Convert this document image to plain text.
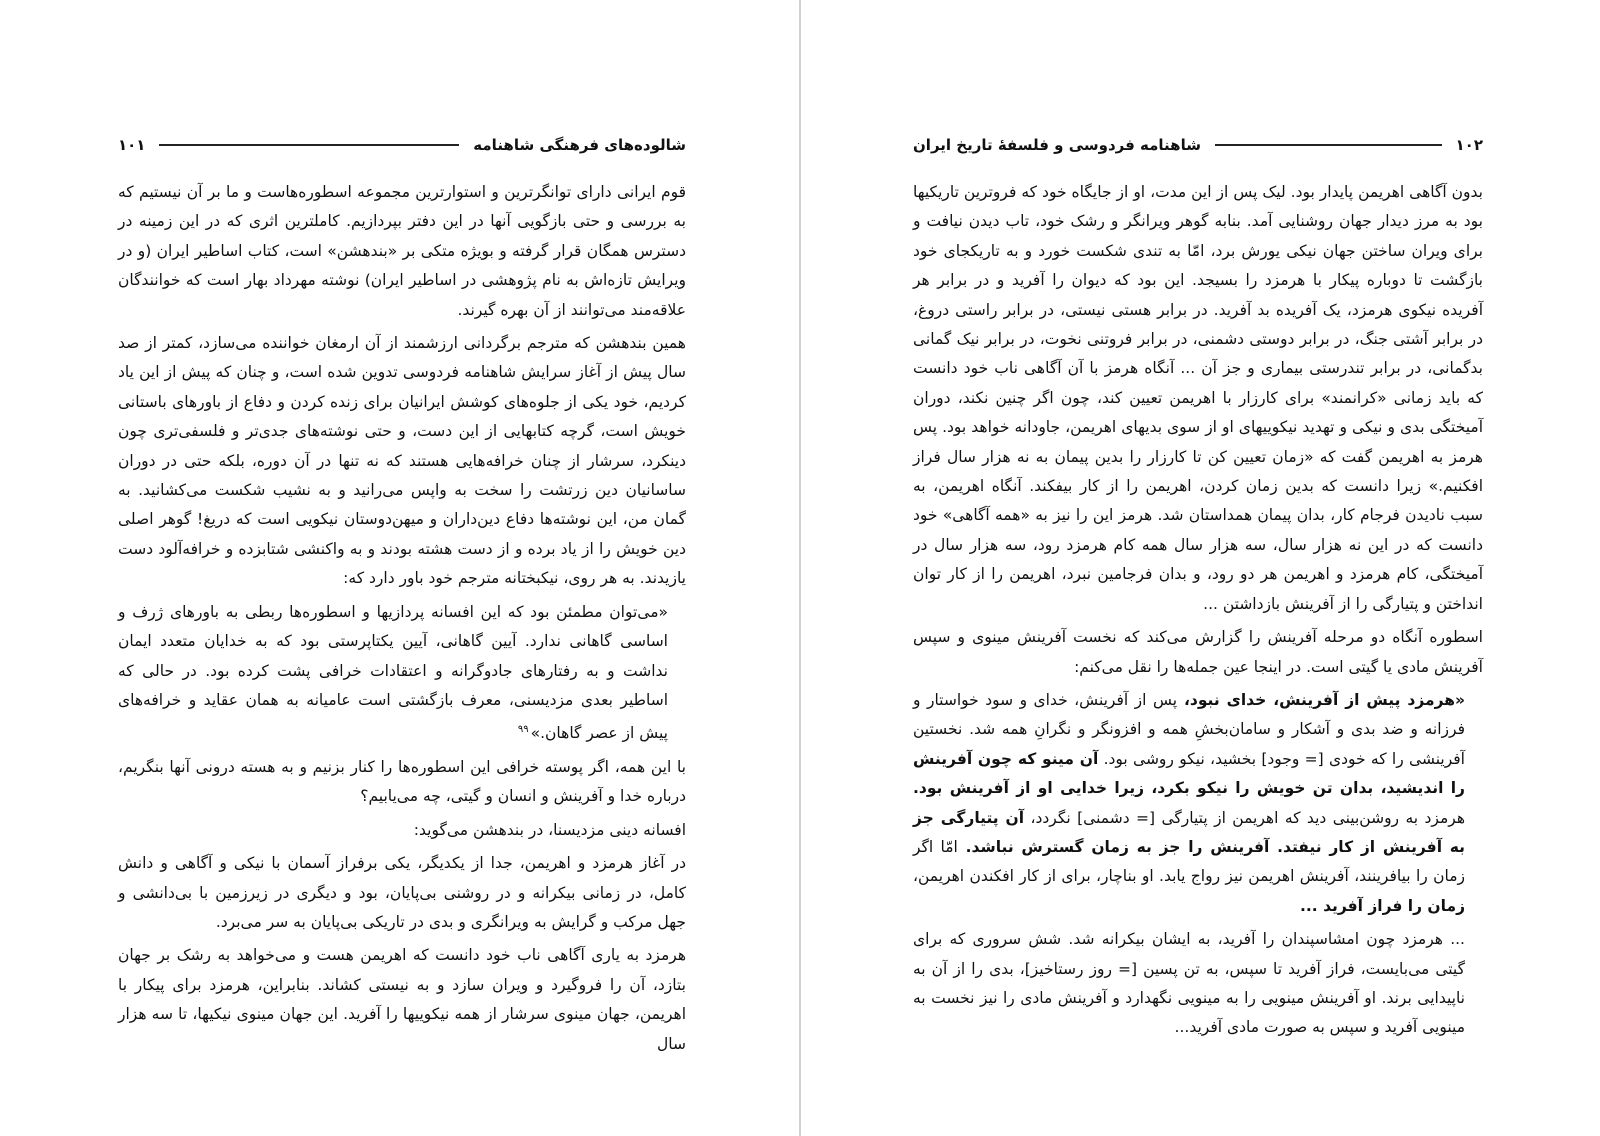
۱۰۱	شالوده‌های فرهنگی شاهنامه

قوم ایرانی دارای توانگرترین و استوارترین مجموعه اسطوره‌هاست و ما بر آن نیستیم که به بررسی و حتی بازگویی آنها در این دفتر بپردازیم. کاملترین اثری که در این زمینه در دسترس همگان قرار گرفته و بویژه متکی بر «بندهشن» است، کتاب اساطیر ایران (و در ویرایش تازه‌اش به نام پژوهشی در اساطیر ایران) نوشته مهرداد بهار است که خوانندگان علاقه‌مند می‌توانند از آن بهره گیرند.

همین بندهشن که مترجم برگردانی ارزشمند از آن ارمغان خواننده می‌سازد، کمتر از صد سال پیش از آغاز سرایش شاهنامه فردوسی تدوین شده است، و چنان که پیش از این یاد کردیم، خود یکی از جلوه‌های کوشش ایرانیان برای زنده کردن و دفاع از باورهای باستانی خویش است، گرچه کتابهایی از این دست، و حتی نوشته‌های جدی‌تر و فلسفی‌تری چون دینکرد، سرشار از چنان خرافه‌هایی هستند که نه تنها در آن دوره، بلکه حتی در دوران ساسانیان دین زرتشت را سخت به واپس می‌رانید و به نشیب شکست می‌کشانید. به گمان من، این نوشته‌ها دفاع دین‌داران و میهن‌دوستان نیکویی است که دریغ! گوهر اصلی دین خویش را از یاد برده و از دست هشته بودند و به واکنشی شتابزده و خرافه‌آلود دست یازیدند. به هر روی، نیکبختانه مترجم خود باور دارد که:

«می‌توان مطمئن بود که این افسانه پردازیها و اسطوره‌ها ربطی به باورهای ژرف و اساسی گاهانی ندارد. آیین گاهانی، آیین یکتاپرستی بود که به خدایان متعدد ایمان نداشت و به رفتارهای جادوگرانه و اعتقادات خرافی پشت کرده بود. در حالی که اساطیر بعدی مزدیسنی، معرف بازگشتی است عامیانه به همان عقاید و خرافه‌های پیش از عصر گاهان.»$^{۹۹}$

با این همه، اگر پوسته خرافی این اسطوره‌ها را کنار بزنیم و به هسته درونی آنها بنگریم، درباره خدا و آفرینش و انسان و گیتی، چه می‌یابیم؟

افسانه دینی مزدیسنا، در بندهشن می‌گوید:

در آغاز هرمزد و اهریمن، جدا از یکدیگر، یکی برفراز آسمان با نیکی و آگاهی و دانش کامل، در زمانی بیکرانه و در روشنی بی‌پایان، بود و دیگری در زیرزمین با بی‌دانشی و جهل مرکب و گرایش به ویرانگری و بدی در تاریکی بی‌پایان به سر می‌برد.

هرمزد به یاری آگاهی ناب خود دانست که اهریمن هست و می‌خواهد به رشک بر جهان بتازد، آن را فروگیرد و ویران سازد و به نیستی کشاند. بنابراین، هرمزد برای پیکار با اهریمن، جهان مینوی سرشار از همه نیکوییها را آفرید. این جهان مینوی نیکیها، تا سه هزار سال

شاهنامه فردوسی و فلسفهٔ تاریخ ایران	۱۰۲

بدون آگاهی اهریمن پایدار بود. لیک پس از این مدت، او از جایگاه خود که فروترین تاریکیها بود به مرز دیدار جهان روشنایی آمد. بنابه گوهر ویرانگر و رشک خود، تاب دیدن نیافت و برای ویران ساختن جهان نیکی یورش برد، امّا به تندی شکست خورد و به تاریکجای خود بازگشت تا دوباره پیکار با هرمزد را بسیجد. این بود که دیوان را آفرید و در برابر هر آفریده نیکوی هرمزد، یک آفریده بد آفرید. در برابر هستی نیستی، در برابر راستی دروغ، در برابر آشتی جنگ، در برابر دوستی دشمنی، در برابر فروتنی نخوت، در برابر نیک گمانی بدگمانی، در برابر تندرستی بیماری و جز آن ... آنگاه هرمز با آن آگاهی ناب خود دانست که باید زمانی «کرانمند» برای کارزار با اهریمن تعیین کند، چون اگر چنین نکند، دوران آمیختگی بدی و نیکی و تهدید نیکوییهای او از سوی بدیهای اهریمن، جاودانه خواهد بود. پس هرمز به اهریمن گفت که «زمان تعیین کن تا کارزار را بدین پیمان به نه هزار سال فراز افکنیم.» زیرا دانست که بدین زمان کردن، اهریمن را از کار بیفکند. آنگاه اهریمن، به سبب نادیدن فرجام کار، بدان پیمان همداستان شد. هرمز این را نیز به «همه آگاهی» خود دانست که در این نه هزار سال، سه هزار سال همه کام هرمزد رود، سه هزار سال در آمیختگی، کام هرمزد و اهریمن هر دو رود، و بدان فرجامین نبرد، اهریمن را از کار توان انداختن و پتیارگی را از آفرینش بازداشتن ...

اسطوره آنگاه دو مرحله آفرینش را گزارش می‌کند که نخست آفرینش مینوی و سپس آفرینش مادی یا گیتی است. در اینجا عین جمله‌ها را نقل می‌کنم:

«هرمزد پیش از آفرینش، خدای نبود، پس از آفرینش، خدای و سود خواستار و فرزانه و ضد بدی و آشکار و سامان‌بخشِ همه و افزونگر و نگرانِ همه شد. نخستین آفرینشی را که خودی [= وجود] بخشید، نیکو روشی بود. آن مینو که چون آفرینش را اندیشید، بدان تن خویش را نیکو بکرد، زیرا خدایی او از آفرینش بود. هرمزد به روشن‌بینی دید که اهریمن از پتیارگی [= دشمنی] نگردد، آن پتیارگی جز به آفرینش از کار نیفتد. آفرینش را جز به زمان گسترش نباشد. امّا اگر زمان را بیافرینند، آفرینش اهریمن نیز رواج یابد. او بناچار، برای از کار افکندن اهریمن، زمان را فراز آفرید ...

... هرمزد چون امشاسپندان را آفرید، به ایشان بیکرانه شد. شش سروری که برای گیتی می‌بایست، فراز آفرید تا سپس، به تن پسین [= روز رستاخیز]، بدی را از آن به ناپیدایی برند. او آفرینش مینویی را به مینویی نگهدارد و آفرینش مادی را نیز نخست به مینویی آفرید و سپس به صورت مادی آفرید...
